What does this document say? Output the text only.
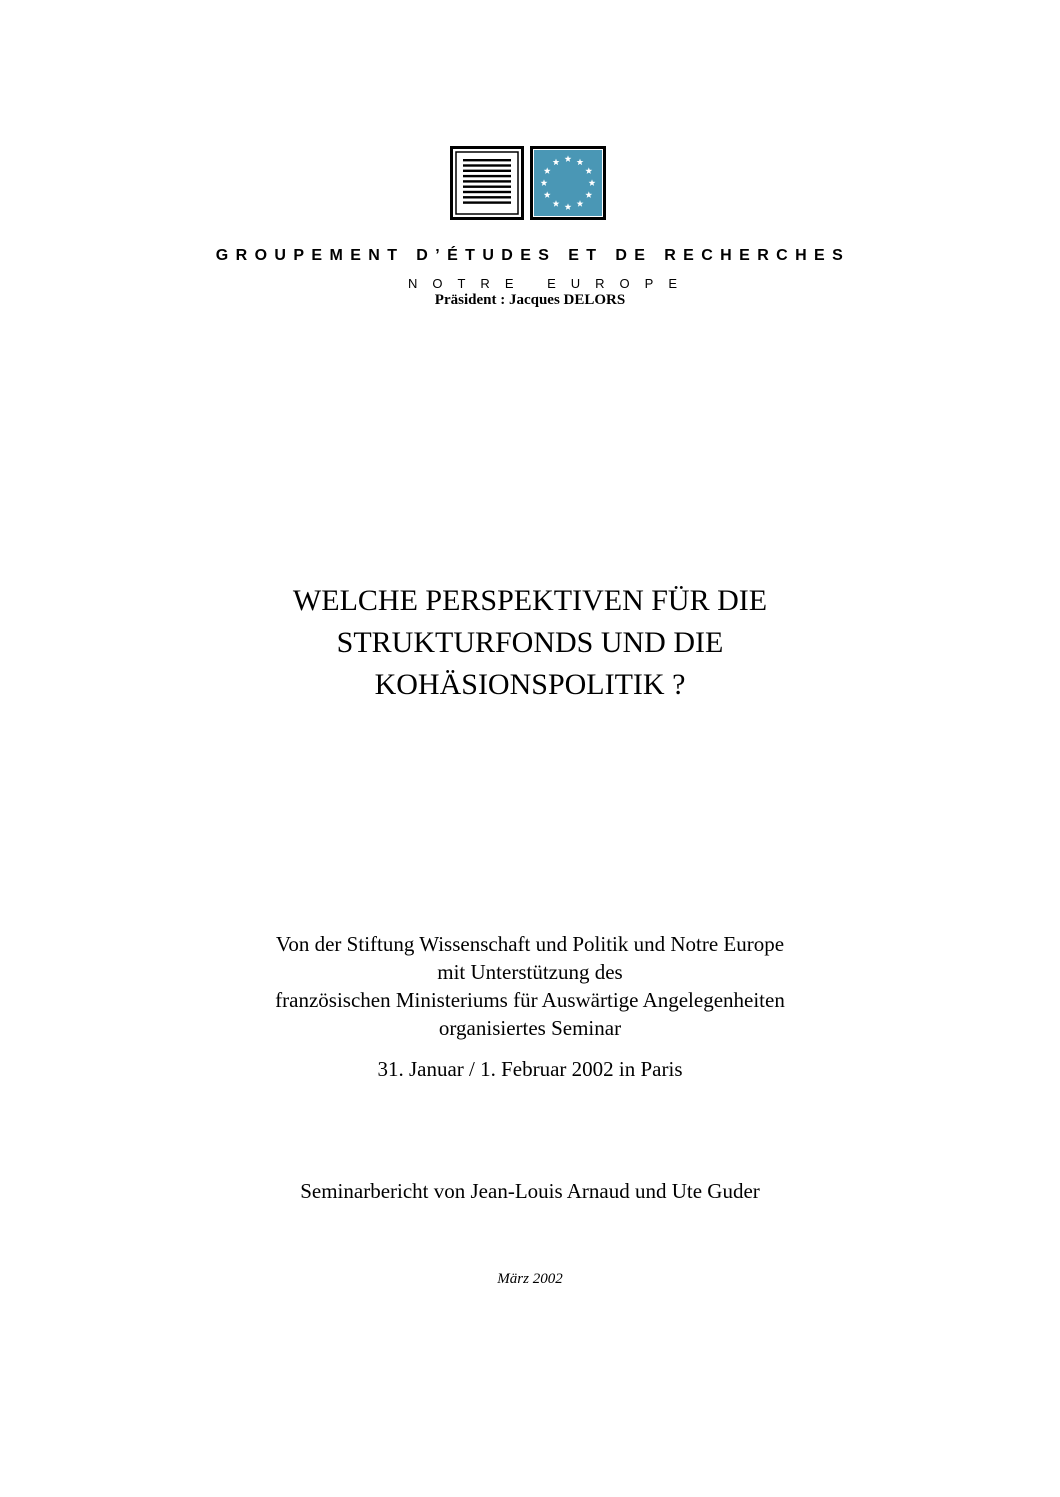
GROUPEMENT D’ÉTUDES ET DE RECHERCHES
NOTRE EUROPE
Präsident : Jacques DELORS
WELCHE PERSPEKTIVEN FÜR DIE
STRUKTURFONDS UND DIE
KOHÄSIONSPOLITIK ?
Von der Stiftung Wissenschaft und Politik und Notre Europe
mit Unterstützung des
französischen Ministeriums für Auswärtige Angelegenheiten
organisiertes Seminar
31. Januar / 1. Februar 2002 in Paris
Seminarbericht von Jean-Louis Arnaud und Ute Guder
März 2002
